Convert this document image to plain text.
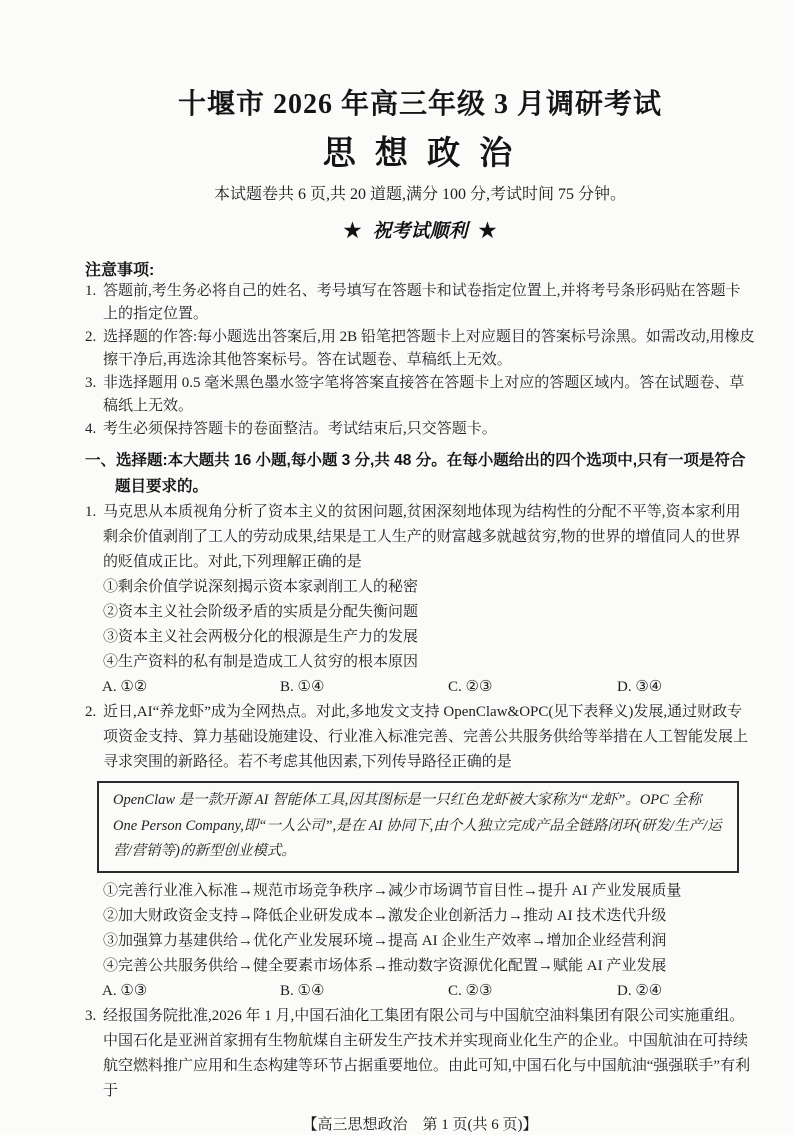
十堰市 2026 年高三年级 3 月调研考试
思 想 政 治

本试题卷共 6 页,共 20 道题,满分 100 分,考试时间 75 分钟。

★ 祝考试顺利 ★

注意事项:

1. 答题前,考生务必将自己的姓名、考号填写在答题卡和试卷指定位置上,并将考号条形码贴在答题卡上的指定位置。

2. 选择题的作答:每小题选出答案后,用 2B 铅笔把答题卡上对应题目的答案标号涂黑。如需改动,用橡皮擦干净后,再选涂其他答案标号。答在试题卷、草稿纸上无效。

3. 非选择题用 0.5 毫米黑色墨水签字笔将答案直接答在答题卡上对应的答题区域内。答在试题卷、草稿纸上无效。

4. 考生必须保持答题卡的卷面整洁。考试结束后,只交答题卡。

一、选择题:本大题共 16 小题,每小题 3 分,共 48 分。在每小题给出的四个选项中,只有一项是符合题目要求的。

1. 马克思从本质视角分析了资本主义的贫困问题,贫困深刻地体现为结构性的分配不平等,资本家利用剩余价值剥削了工人的劳动成果,结果是工人生产的财富越多就越贫穷,物的世界的增值同人的世界的贬值成正比。对此,下列理解正确的是

①剩余价值学说深刻揭示资本家剥削工人的秘密

②资本主义社会阶级矛盾的实质是分配失衡问题

③资本主义社会两极分化的根源是生产力的发展

④生产资料的私有制是造成工人贫穷的根本原因

A. ①②	B. ①④	C. ②③	D. ③④

2. 近日,AI“养龙虾”成为全网热点。对此,多地发文支持 OpenClaw&OPC(见下表释义)发展,通过财政专项资金支持、算力基础设施建设、行业准入标准完善、完善公共服务供给等举措在人工智能发展上寻求突围的新路径。若不考虑其他因素,下列传导路径正确的是

OpenClaw 是一款开源 AI 智能体工具,因其图标是一只红色龙虾被大家称为“龙虾”。OPC 全称 One Person Company,即“一人公司”,是在 AI 协同下,由个人独立完成产品全链路闭环(研发/生产/运营/营销等)的新型创业模式。

①完善行业准入标准→规范市场竞争秩序→减少市场调节盲目性→提升 AI 产业发展质量

②加大财政资金支持→降低企业研发成本→激发企业创新活力→推动 AI 技术迭代升级

③加强算力基建供给→优化产业发展环境→提高 AI 企业生产效率→增加企业经营利润

④完善公共服务供给→健全要素市场体系→推动数字资源优化配置→赋能 AI 产业发展

A. ①③	B. ①④	C. ②③	D. ②④

3. 经报国务院批准,2026 年 1 月,中国石油化工集团有限公司与中国航空油料集团有限公司实施重组。中国石化是亚洲首家拥有生物航煤自主研发生产技术并实现商业化生产的企业。中国航油在可持续航空燃料推广应用和生态构建等环节占据重要地位。由此可知,中国石化与中国航油“强强联手”有利于

【高三思想政治　第 1 页(共 6 页)】
